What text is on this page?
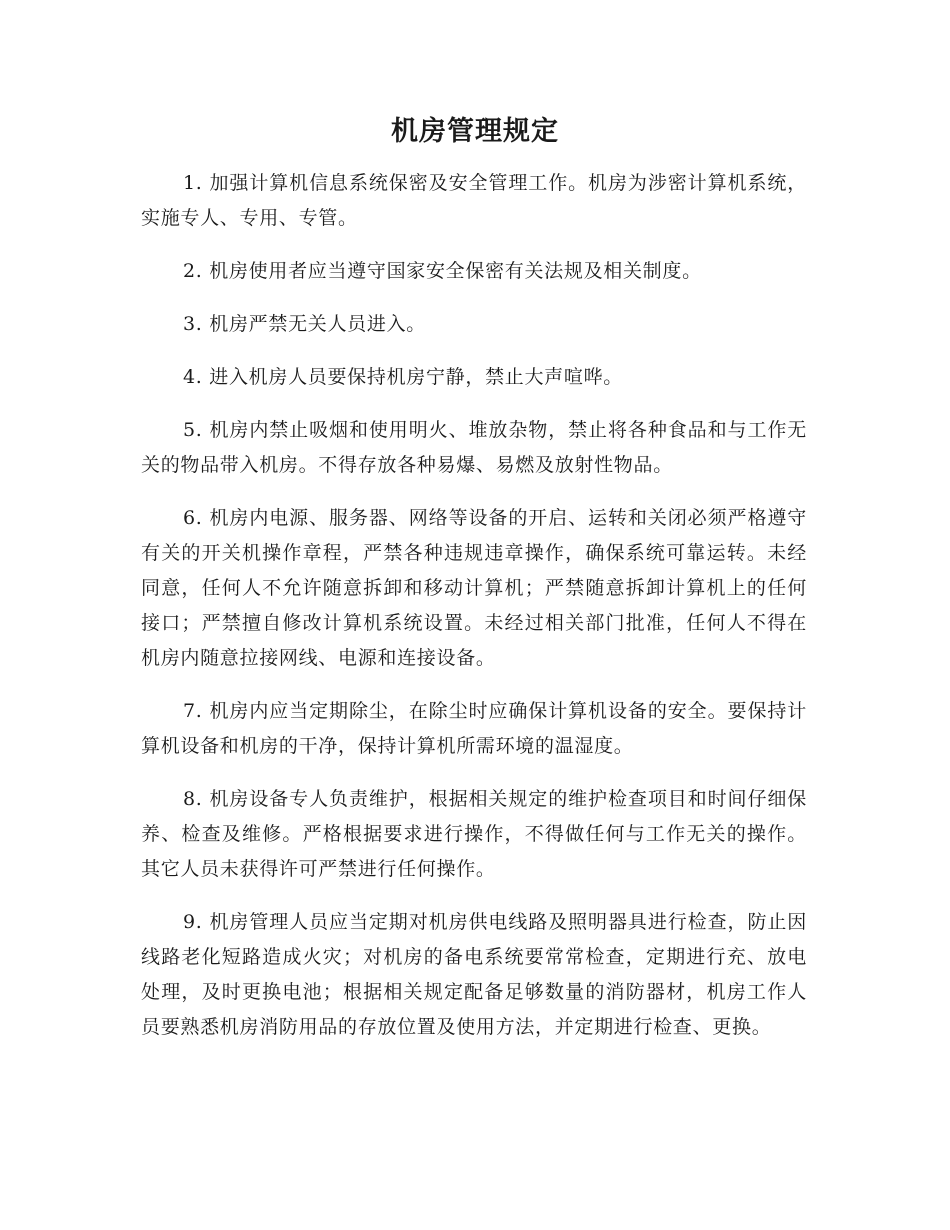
机房管理规定

1. 加强计算机信息系统保密及安全管理工作。机房为涉密计算机系统，实施专人、专用、专管。

2. 机房使用者应当遵守国家安全保密有关法规及相关制度。

3. 机房严禁无关人员进入。

4. 进入机房人员要保持机房宁静，禁止大声喧哗。

5. 机房内禁止吸烟和使用明火、堆放杂物，禁止将各种食品和与工作无关的物品带入机房。不得存放各种易爆、易燃及放射性物品。

6. 机房内电源、服务器、网络等设备的开启、运转和关闭必须严格遵守有关的开关机操作章程，严禁各种违规违章操作，确保系统可靠运转。未经同意，任何人不允许随意拆卸和移动计算机；严禁随意拆卸计算机上的任何接口；严禁擅自修改计算机系统设置。未经过相关部门批准，任何人不得在机房内随意拉接网线、电源和连接设备。

7. 机房内应当定期除尘，在除尘时应确保计算机设备的安全。要保持计算机设备和机房的干净，保持计算机所需环境的温湿度。

8. 机房设备专人负责维护，根据相关规定的维护检查项目和时间仔细保养、检查及维修。严格根据要求进行操作，不得做任何与工作无关的操作。其它人员未获得许可严禁进行任何操作。

9. 机房管理人员应当定期对机房供电线路及照明器具进行检查，防止因线路老化短路造成火灾；对机房的备电系统要常常检查，定期进行充、放电处理，及时更换电池；根据相关规定配备足够数量的消防器材，机房工作人员要熟悉机房消防用品的存放位置及使用方法，并定期进行检查、更换。
